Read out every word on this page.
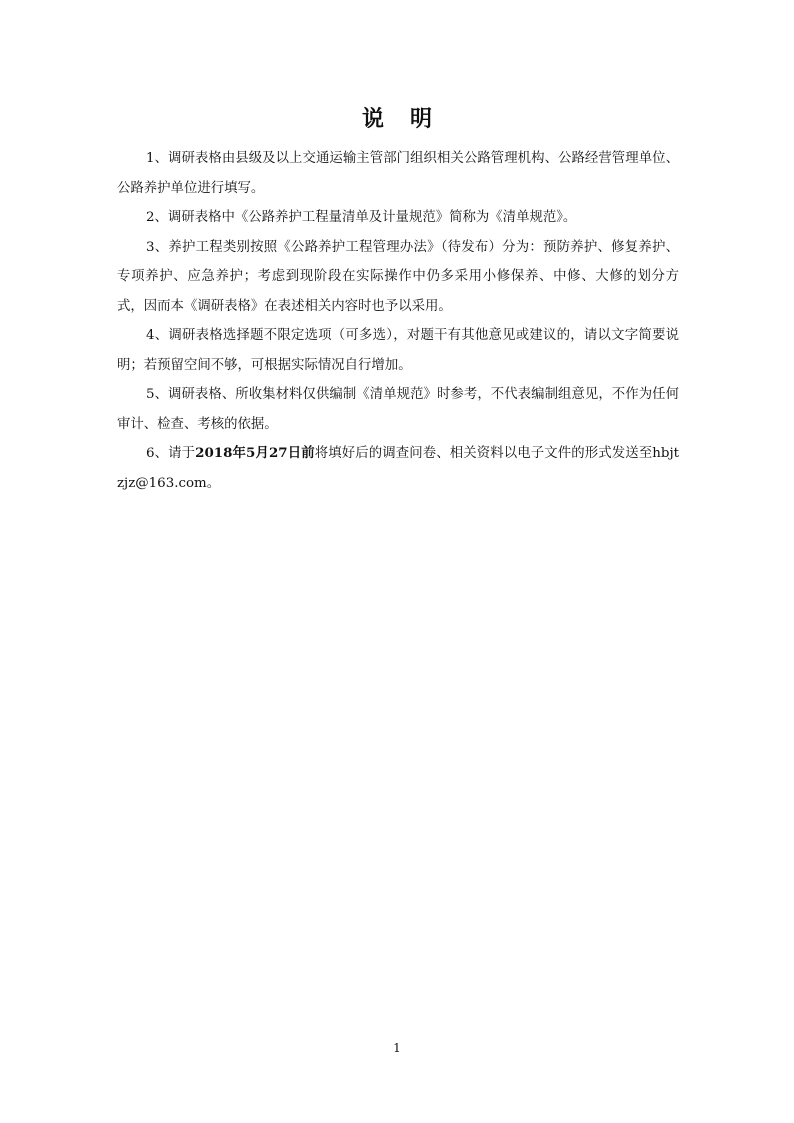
说明

1、调研表格由县级及以上交通运输主管部门组织相关公路管理机构、公路经营管理单位、公路养护单位进行填写。

2、调研表格中《公路养护工程量清单及计量规范》简称为《清单规范》。

3、养护工程类别按照《公路养护工程管理办法》（待发布）分为：预防养护、修复养护、专项养护、应急养护；考虑到现阶段在实际操作中仍多采用小修保养、中修、大修的划分方式，因而本《调研表格》在表述相关内容时也予以采用。

4、调研表格选择题不限定选项（可多选），对题干有其他意见或建议的，请以文字简要说明；若预留空间不够，可根据实际情况自行增加。

5、调研表格、所收集材料仅供编制《清单规范》时参考，不代表编制组意见，不作为任何审计、检查、考核的依据。

6、请于2018年5月27日前将填好后的调查问卷、相关资料以电子文件的形式发送至hbjtzjz@163.com。

1
